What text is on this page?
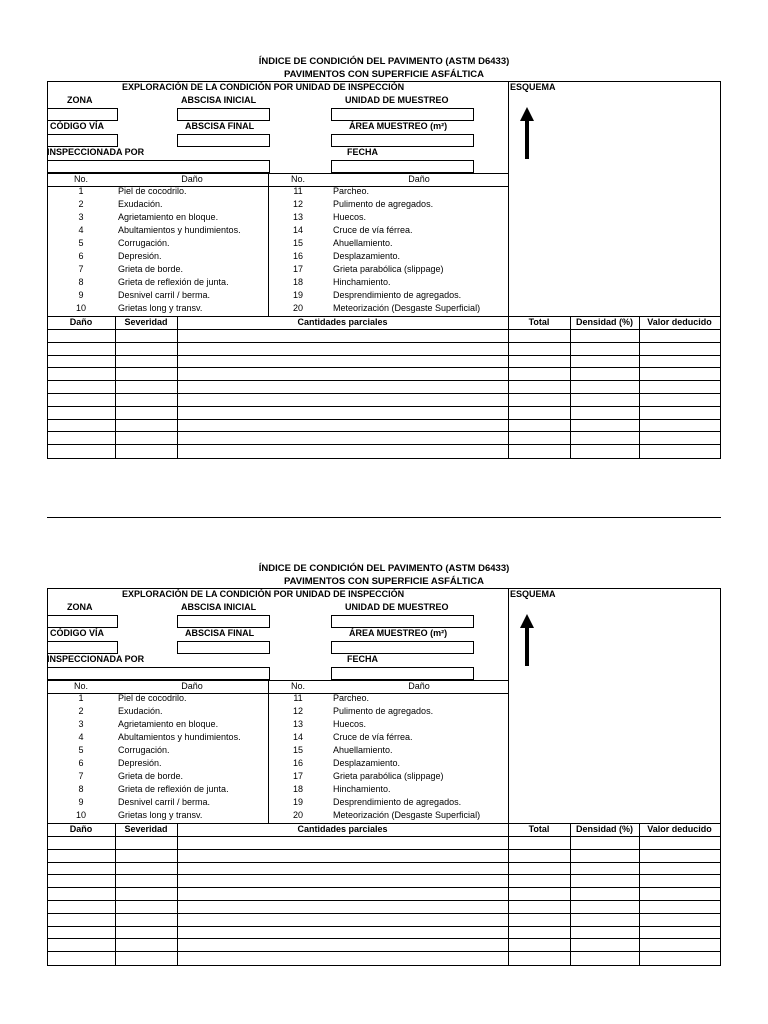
ÍNDICE DE CONDICIÓN DEL PAVIMENTO (ASTM D6433)
PAVIMENTOS CON SUPERFICIE ASFÁLTICA
EXPLORACIÓN DE LA CONDICIÓN POR UNIDAD DE INSPECCIÓN	ESQUEMA
ZONA	ABSCISA INICIAL	UNIDAD DE MUESTREO
CÓDIGO VÍA	ABSCISA FINAL	ÁREA MUESTREO (m²)
INSPECCIONADA POR	FECHA
No.	Daño	No.	Daño
1	Piel de cocodrilo.	11	Parcheo.
2	Exudación.	12	Pulimento de agregados.
3	Agrietamiento en bloque.	13	Huecos.
4	Abultamientos y hundimientos.	14	Cruce de vía férrea.
5	Corrugación.	15	Ahuellamiento.
6	Depresión.	16	Desplazamiento.
7	Grieta de borde.	17	Grieta parabólica (slippage)
8	Grieta de reflexión de junta.	18	Hinchamiento.
9	Desnivel carril / berma.	19	Desprendimiento de agregados.
10	Grietas long y transv.	20	Meteorización (Desgaste Superficial)
Daño	Severidad	Cantidades parciales	Total	Densidad (%)	Valor deducido
ÍNDICE DE CONDICIÓN DEL PAVIMENTO (ASTM D6433)
PAVIMENTOS CON SUPERFICIE ASFÁLTICA
EXPLORACIÓN DE LA CONDICIÓN POR UNIDAD DE INSPECCIÓN	ESQUEMA
ZONA	ABSCISA INICIAL	UNIDAD DE MUESTREO
CÓDIGO VÍA	ABSCISA FINAL	ÁREA MUESTREO (m²)
INSPECCIONADA POR	FECHA
No.	Daño	No.	Daño
1	Piel de cocodrilo.	11	Parcheo.
2	Exudación.	12	Pulimento de agregados.
3	Agrietamiento en bloque.	13	Huecos.
4	Abultamientos y hundimientos.	14	Cruce de vía férrea.
5	Corrugación.	15	Ahuellamiento.
6	Depresión.	16	Desplazamiento.
7	Grieta de borde.	17	Grieta parabólica (slippage)
8	Grieta de reflexión de junta.	18	Hinchamiento.
9	Desnivel carril / berma.	19	Desprendimiento de agregados.
10	Grietas long y transv.	20	Meteorización (Desgaste Superficial)
Daño	Severidad	Cantidades parciales	Total	Densidad (%)	Valor deducido
